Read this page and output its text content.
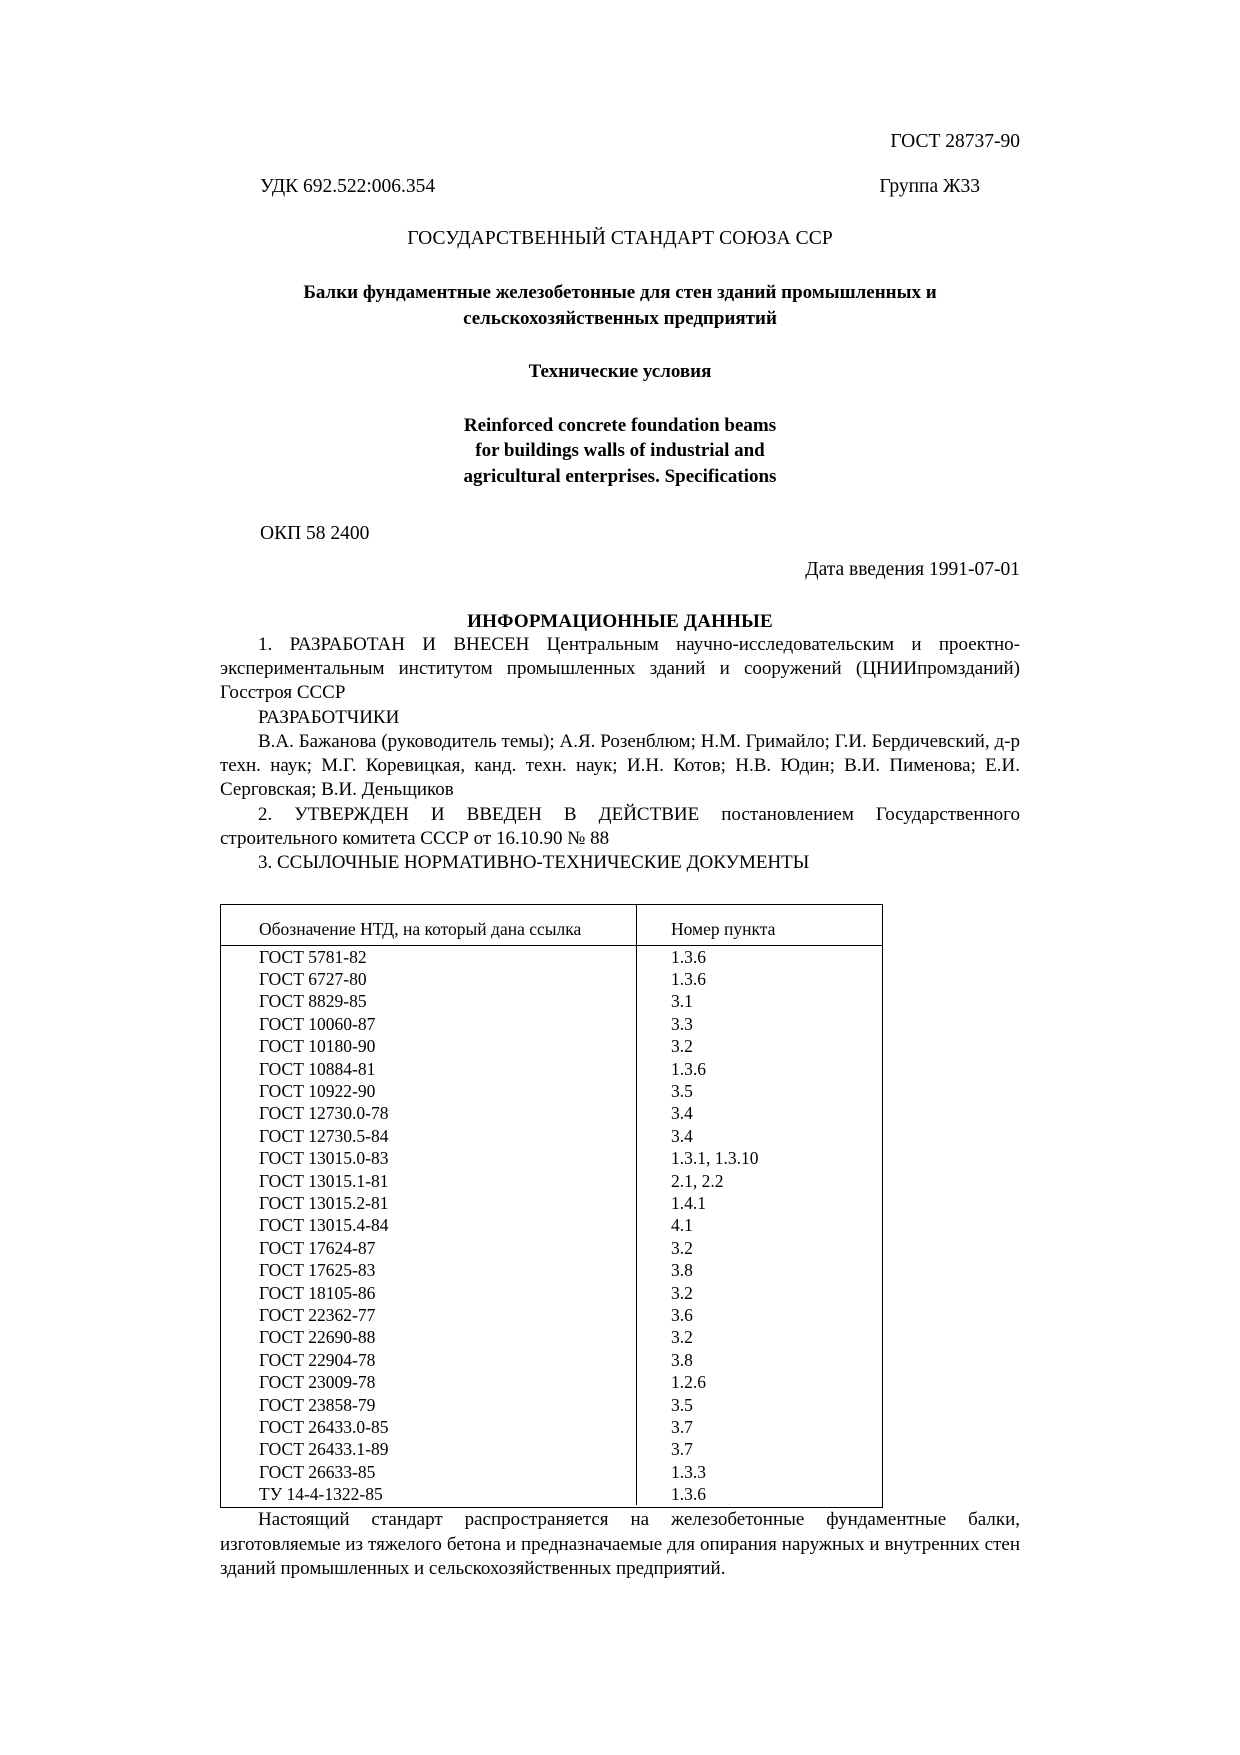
ГОСТ 28737-90
УДК 692.522:006.354	Группа Ж33
ГОСУДАРСТВЕННЫЙ СТАНДАРТ СОЮЗА ССР
Балки фундаментные железобетонные для стен зданий промышленных и сельскохозяйственных предприятий
Технические условия
Reinforced concrete foundation beams
for buildings walls of industrial and
agricultural enterprises. Specifications
ОКП 58 2400
Дата введения 1991-07-01
ИНФОРМАЦИОННЫЕ ДАННЫЕ

1. РАЗРАБОТАН И ВНЕСЕН Центральным научно-исследовательским и проектно-экспериментальным институтом промышленных зданий и сооружений (ЦНИИпромзданий) Госстроя СССР

РАЗРАБОТЧИКИ

В.А. Бажанова (руководитель темы); А.Я. Розенблюм; Н.М. Гримайло; Г.И. Бердичевский, д-р техн. наук; М.Г. Коревицкая, канд. техн. наук; И.Н. Котов; Н.В. Юдин; В.И. Пименова; Е.И. Серговская; В.И. Деньщиков

2. УТВЕРЖДЕН И ВВЕДЕН В ДЕЙСТВИЕ постановлением Государственного строительного комитета СССР от 16.10.90 № 88

3. ССЫЛОЧНЫЕ НОРМАТИВНО-ТЕХНИЧЕСКИЕ ДОКУМЕНТЫ

Обозначение НТД, на который дана ссылка	Номер пункта
ГОСТ 5781-82	1.3.6
ГОСТ 6727-80	1.3.6
ГОСТ 8829-85	3.1
ГОСТ 10060-87	3.3
ГОСТ 10180-90	3.2
ГОСТ 10884-81	1.3.6
ГОСТ 10922-90	3.5
ГОСТ 12730.0-78	3.4
ГОСТ 12730.5-84	3.4
ГОСТ 13015.0-83	1.3.1, 1.3.10
ГОСТ 13015.1-81	2.1, 2.2
ГОСТ 13015.2-81	1.4.1
ГОСТ 13015.4-84	4.1
ГОСТ 17624-87	3.2
ГОСТ 17625-83	3.8
ГОСТ 18105-86	3.2
ГОСТ 22362-77	3.6
ГОСТ 22690-88	3.2
ГОСТ 22904-78	3.8
ГОСТ 23009-78	1.2.6
ГОСТ 23858-79	3.5
ГОСТ 26433.0-85	3.7
ГОСТ 26433.1-89	3.7
ГОСТ 26633-85	1.3.3
ТУ 14-4-1322-85	1.3.6

Настоящий стандарт распространяется на железобетонные фундаментные балки, изготовляемые из тяжелого бетона и предназначаемые для опирания наружных и внутренних стен зданий промышленных и сельскохозяйственных предприятий.
